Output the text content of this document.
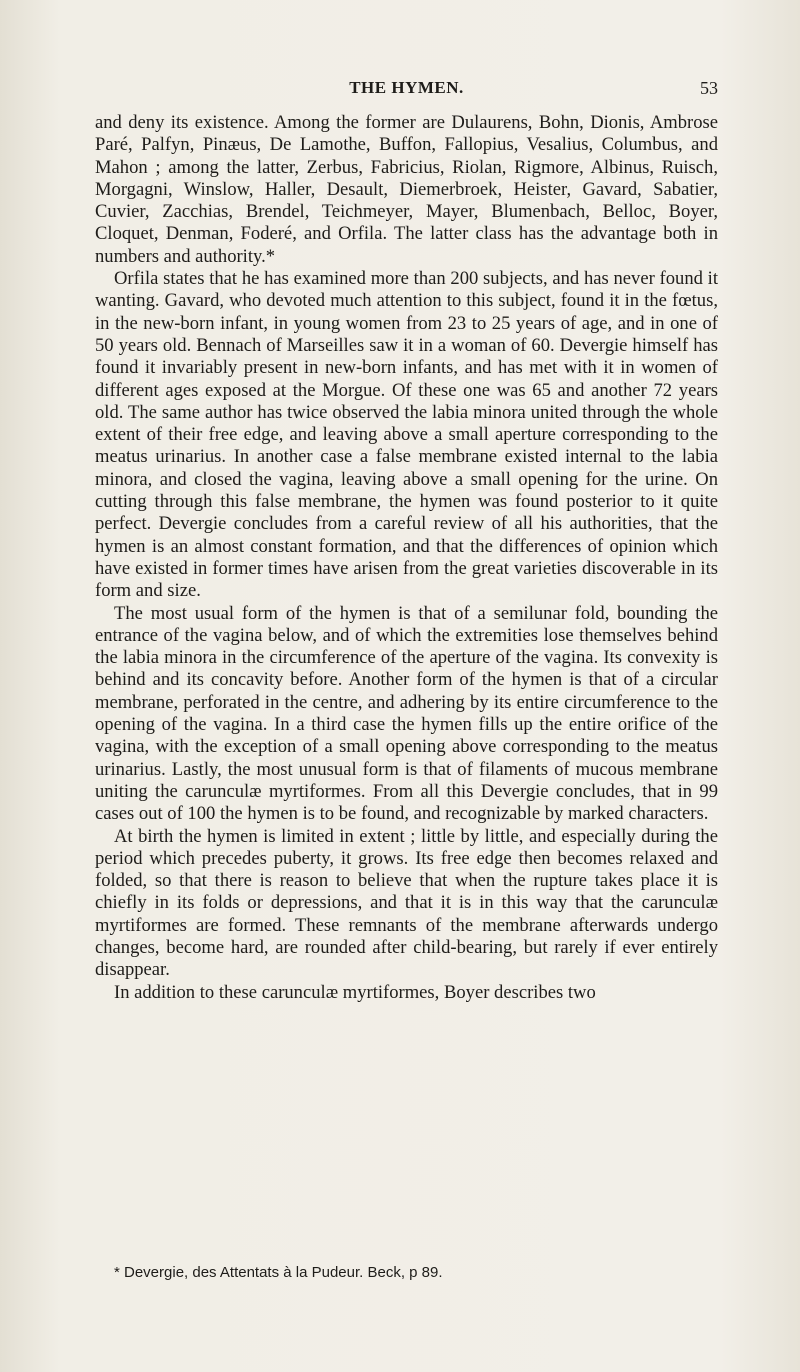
THE HYMEN.	53

and deny its existence. Among the former are Dulaurens, Bohn, Dionis, Ambrose Paré, Palfyn, Pinæus, De Lamothe, Buffon, Fallopius, Vesalius, Columbus, and Mahon ; among the latter, Zerbus, Fabricius, Riolan, Rigmore, Albinus, Ruisch, Morgagni, Winslow, Haller, Desault, Diemerbroek, Heister, Gavard, Sabatier, Cuvier, Zacchias, Brendel, Teichmeyer, Mayer, Blumenbach, Belloc, Boyer, Cloquet, Denman, Foderé, and Orfila. The latter class has the advantage both in numbers and authority.*

Orfila states that he has examined more than 200 subjects, and has never found it wanting. Gavard, who devoted much attention to this subject, found it in the fœtus, in the new-born infant, in young women from 23 to 25 years of age, and in one of 50 years old. Bennach of Marseilles saw it in a woman of 60. Devergie himself has found it invariably present in new-born infants, and has met with it in women of different ages exposed at the Morgue. Of these one was 65 and another 72 years old. The same author has twice observed the labia minora united through the whole extent of their free edge, and leaving above a small aperture corresponding to the meatus urinarius. In another case a false membrane existed internal to the labia minora, and closed the vagina, leaving above a small opening for the urine. On cutting through this false membrane, the hymen was found posterior to it quite perfect. Devergie concludes from a careful review of all his authorities, that the hymen is an almost constant formation, and that the differences of opinion which have existed in former times have arisen from the great varieties discoverable in its form and size.

The most usual form of the hymen is that of a semilunar fold, bounding the entrance of the vagina below, and of which the extremities lose themselves behind the labia minora in the circumference of the aperture of the vagina. Its convexity is behind and its concavity before. Another form of the hymen is that of a circular membrane, perforated in the centre, and adhering by its entire circumference to the opening of the vagina. In a third case the hymen fills up the entire orifice of the vagina, with the exception of a small opening above corresponding to the meatus urinarius. Lastly, the most unusual form is that of filaments of mucous membrane uniting the carunculæ myrtiformes. From all this Devergie concludes, that in 99 cases out of 100 the hymen is to be found, and recognizable by marked characters.

At birth the hymen is limited in extent ; little by little, and especially during the period which precedes puberty, it grows. Its free edge then becomes relaxed and folded, so that there is reason to believe that when the rupture takes place it is chiefly in its folds or depressions, and that it is in this way that the carunculæ myrtiformes are formed. These remnants of the membrane afterwards undergo changes, become hard, are rounded after child-bearing, but rarely if ever entirely disappear.

In addition to these carunculæ myrtiformes, Boyer describes two

* Devergie, des Attentats à la Pudeur. Beck, p 89.
